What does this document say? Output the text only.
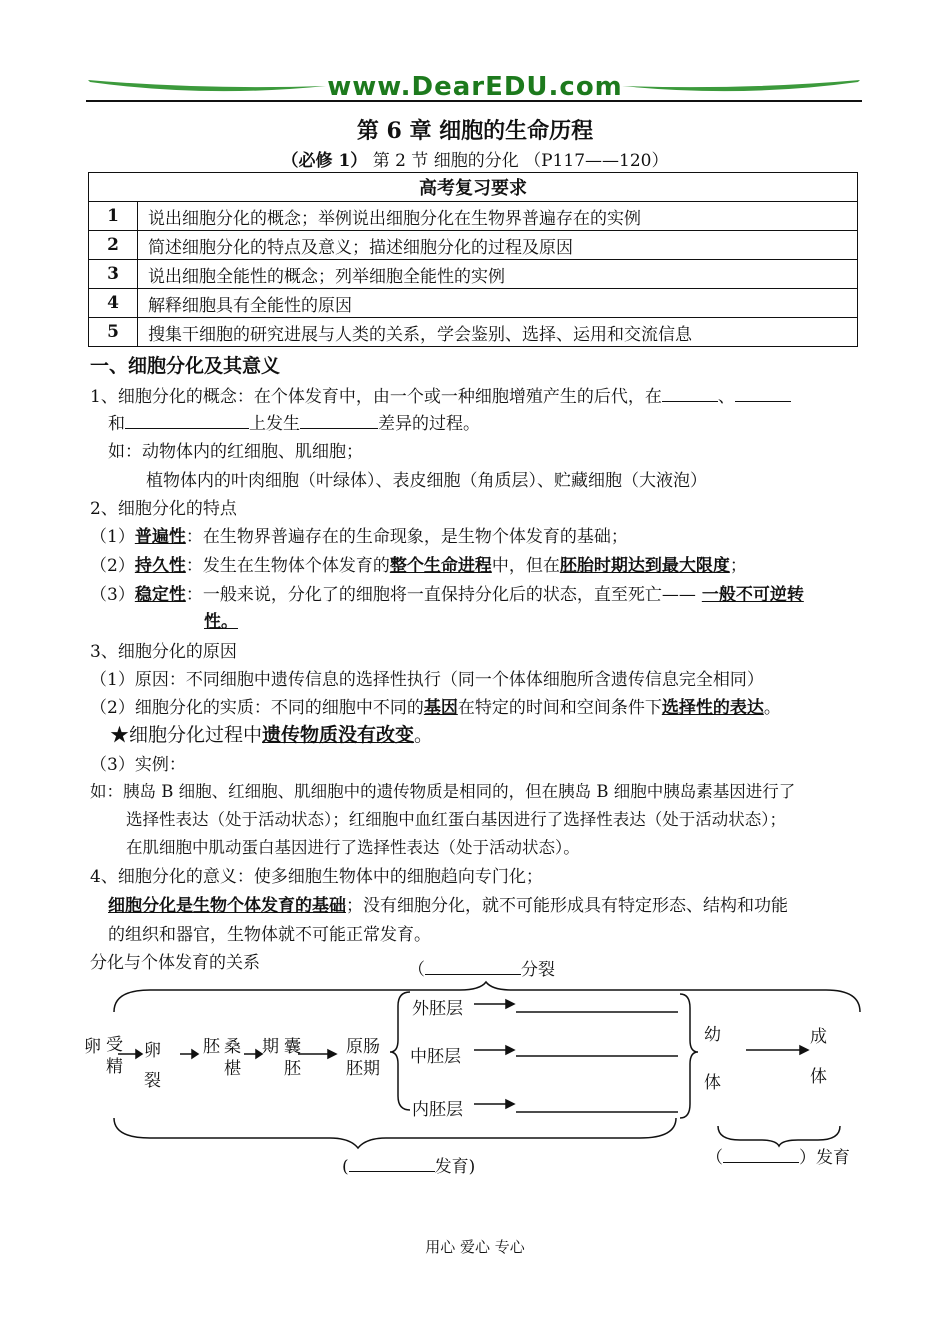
www.DearEDU.com
第 6 章 细胞的生命历程
（必修 1） 第 2 节 细胞的分化 （P117——120）
高考复习要求	
1	说出细胞分化的概念；举例说出细胞分化在生物界普遍存在的实例
2	简述细胞分化的特点及意义；描述细胞分化的过程及原因
3	说出细胞全能性的概念；列举细胞全能性的实例
4	解释细胞具有全能性的原因
5	搜集干细胞的研究进展与人类的关系，学会鉴别、选择、运用和交流信息
一、细胞分化及其意义
1、细胞分化的概念：在个体发育中，由一个或一种细胞增殖产生的后代，在	、
和	上发生	差异的过程。
如：动物体内的红细胞、肌细胞；
植物体内的叶肉细胞（叶绿体）、表皮细胞（角质层）、贮藏细胞（大液泡）
2、细胞分化的特点
（1）普遍性：在生物界普遍存在的生命现象，是生物个体发育的基础；
（2）持久性：发生在生物体个体发育的整个生命进程中，但在胚胎时期达到最大限度；
（3）稳定性：一般来说，分化了的细胞将一直保持分化后的状态，直至死亡—— 一般不可逆转
性。
3、细胞分化的原因
（1）原因：不同细胞中遗传信息的选择性执行（同一个体体细胞所含遗传信息完全相同）
（2）细胞分化的实质：不同的细胞中不同的基因在特定的时间和空间条件下选择性的表达。
★细胞分化过程中遗传物质没有改变。
（3）实例：
如：胰岛 B 细胞、红细胞、肌细胞中的遗传物质是相同的，但在胰岛 B 细胞中胰岛素基因进行了
选择性表达（处于活动状态）；红细胞中血红蛋白基因进行了选择性表达（处于活动状态）；
在肌细胞中肌动蛋白基因进行了选择性表达（处于活动状态）。
4、细胞分化的意义：使多细胞生物体中的细胞趋向专门化；
细胞分化是生物个体发育的基础；没有细胞分化，就不可能形成具有特定形态、结构和功能
的组织和器官，生物体就不可能正常发育。
分化与个体发育的关系	（	分裂
卵 受
精
卵
裂
胚 桑
椹
期 囊
胚
原肠
胚期
外胚层
中胚层
内胚层
幼
体
成
体
(	发育)	（	）发育
用心 爱心 专心
